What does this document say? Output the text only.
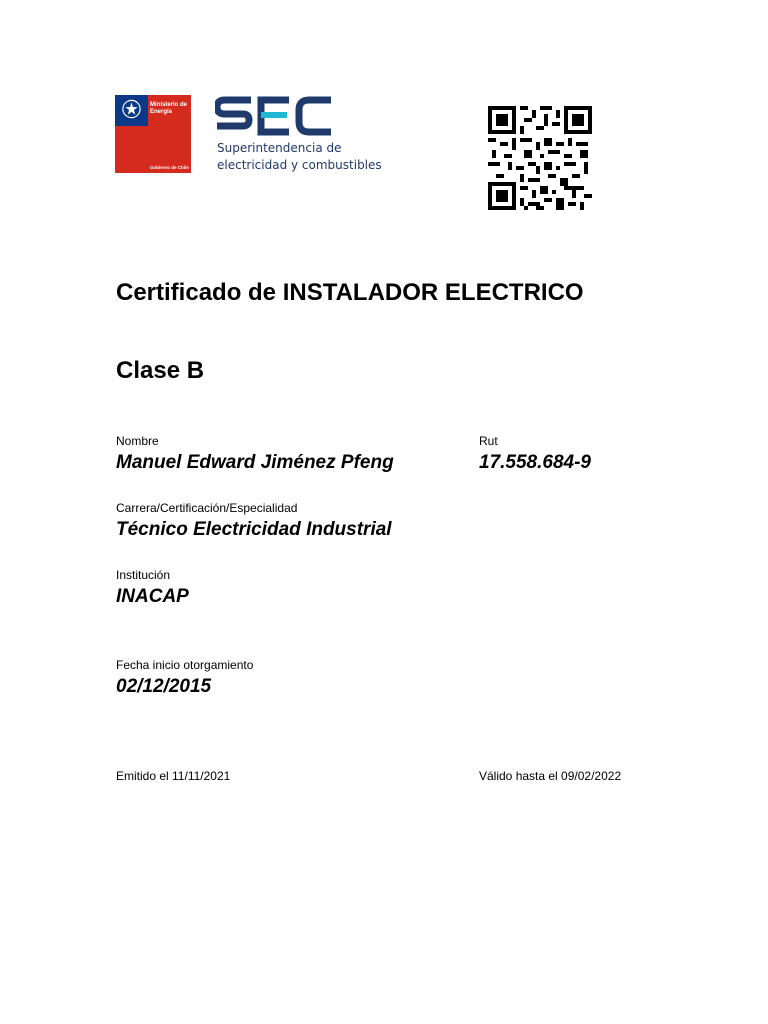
Ministerio de
Energía
Gobierno de Chile
Superintendencia de
electricidad y combustibles
Certificado de INSTALADOR ELECTRICO
Clase B
Nombre
Manuel Edward Jiménez Pfeng
Rut
17.558.684-9
Carrera/Certificación/Especialidad
Técnico Electricidad Industrial
Institución
INACAP
Fecha inicio otorgamiento
02/12/2015
Emitido el 11/11/2021	Válido hasta el 09/02/2022
